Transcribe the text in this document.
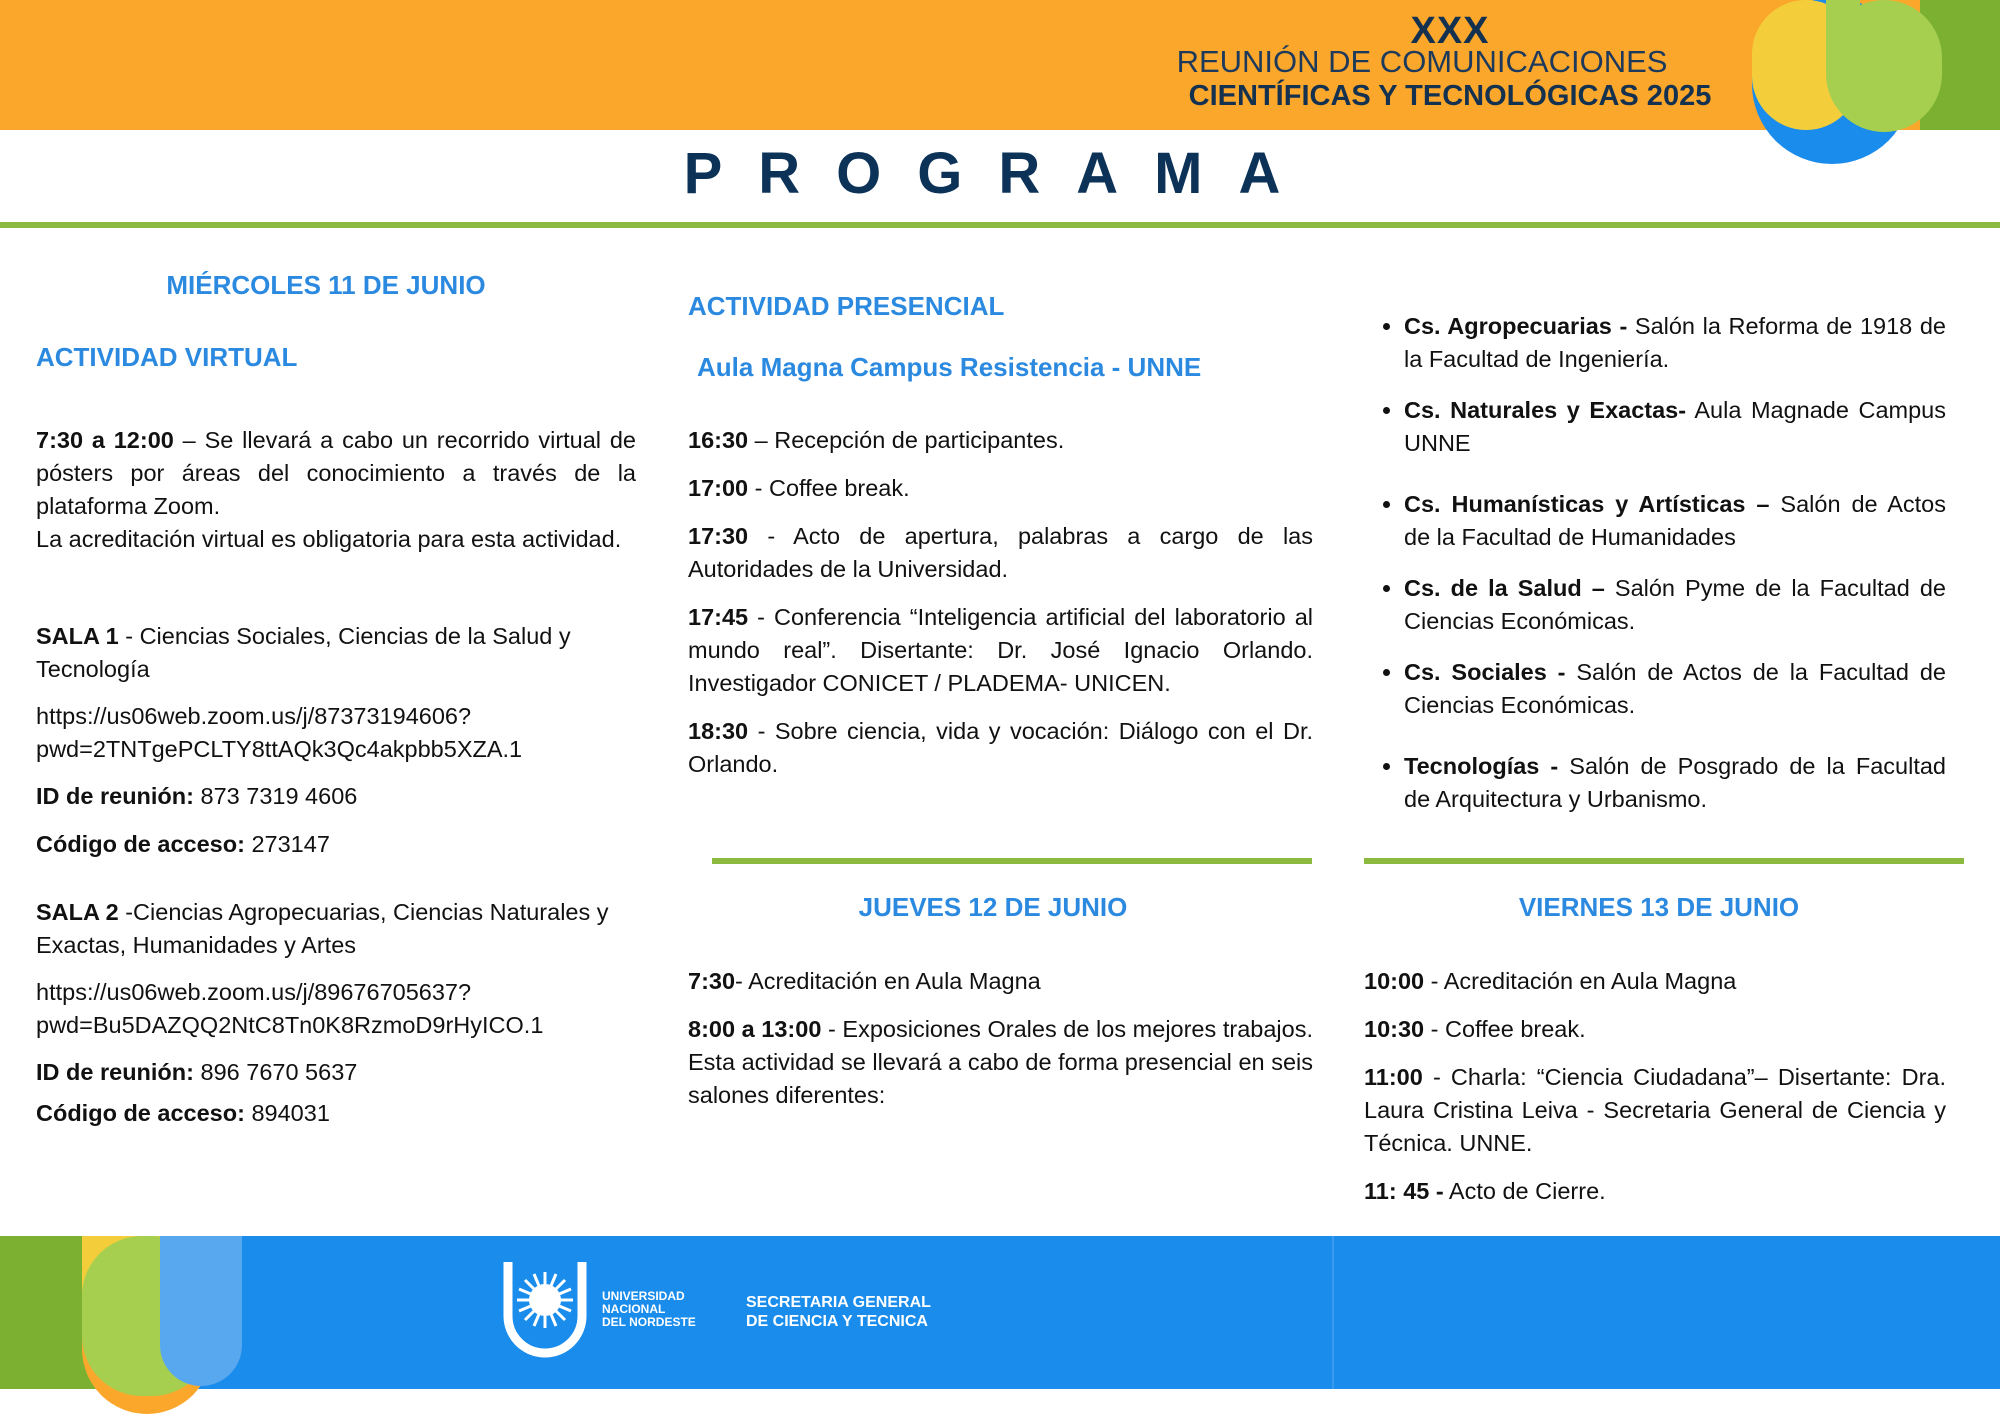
XXX
REUNIÓN DE COMUNICACIONES
CIENTÍFICAS Y TECNOLÓGICAS 2025
PROGRAMA
MIÉRCOLES 11 DE JUNIO
ACTIVIDAD VIRTUAL

7:30 a 12:00 – Se llevará a cabo un recorrido virtual de pósters por áreas del conocimiento a través de la plataforma Zoom.

La acreditación virtual es obligatoria para esta actividad.

SALA 1 - Ciencias Sociales, Ciencias de la Salud y Tecnología

https://us06web.zoom.us/j/87373194606?
pwd=2TNTgePCLTY8ttAQk3Qc4akpbb5XZA.1

ID de reunión: 873 7319 4606

Código de acceso: 273147

SALA 2 -Ciencias Agropecuarias, Ciencias Naturales y Exactas, Humanidades y Artes

https://us06web.zoom.us/j/89676705637?
pwd=Bu5DAZQQ2NtC8Tn0K8RzmoD9rHyICO.1

ID de reunión: 896 7670 5637

Código de acceso: 894031

ACTIVIDAD PRESENCIAL
Aula Magna Campus Resistencia - UNNE

16:30 – Recepción de participantes.

17:00 - Coffee break.

17:30 - Acto de apertura, palabras a cargo de las Autoridades de la Universidad.

17:45 - Conferencia “Inteligencia artificial del laboratorio al mundo real”. Disertante: Dr. José Ignacio Orlando. Investigador CONICET / PLADEMA- UNICEN.

18:30 - Sobre ciencia, vida y vocación: Diálogo con el Dr. Orlando.

JUEVES 12 DE JUNIO

7:30- Acreditación en Aula Magna

8:00 a 13:00 - Exposiciones Orales de los mejores trabajos. Esta actividad se llevará a cabo de forma presencial en seis salones diferentes:

• Cs. Agropecuarias - Salón la Reforma de 1918 de la Facultad de Ingeniería.
• Cs. Naturales y Exactas- Aula Magnade Campus UNNE
• Cs. Humanísticas y Artísticas – Salón de Actos de la Facultad de Humanidades
• Cs. de la Salud – Salón Pyme de la Facultad de Ciencias Económicas.
• Cs. Sociales - Salón de Actos de la Facultad de Ciencias Económicas.
• Tecnologías - Salón de Posgrado de la Facultad de Arquitectura y Urbanismo.
VIERNES 13 DE JUNIO

10:00 - Acreditación en Aula Magna

10:30 - Coffee break.

11:00 - Charla: “Ciencia Ciudadana”– Disertante: Dra. Laura Cristina Leiva - Secretaria General de Ciencia y Técnica. UNNE.

11: 45 - Acto de Cierre.

UNIVERSIDAD
NACIONAL
DEL NORDESTE
SECRETARIA GENERAL
DE CIENCIA Y TECNICA
